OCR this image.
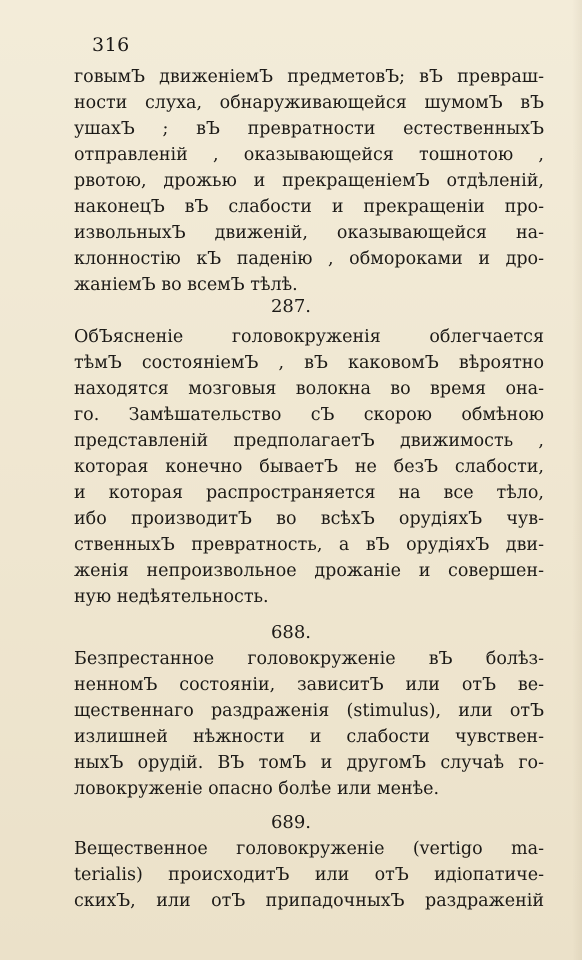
316
говымЪ движенiемЪ предметовЪ; вЪ превраш-
ности слуха, обнаруживающейся шумомЪ вЪ
ушахЪ ; вЪ превратности естественныхЪ
отправленiй , оказывающейся тошнотою ,
рвотою, дрожью и прекращенiемЪ отдѣленiй,
наконецЪ вЪ слабости и прекращенiи про-
извольныхЪ движенiй, оказывающейся на-
клонностiю кЪ паденiю , обмороками и дро-
жанiемЪ во всемЪ тѣлѣ.
287.
ОбЪясненiе головокруженiя облегчается
тѣмЪ состоянiемЪ , вЪ каковомЪ вѣроятно
находятся мозговыя волокна во время она-
го. Замѣшательство сЪ скорою обмѣною
представленiй предполагаетЪ движимость ,
которая конечно бываетЪ не безЪ слабости,
и которая распространяется на все тѣло,
ибо производитЪ во всѣхЪ орудiяхЪ чув-
ственныхЪ превратность, а вЪ орудiяхЪ дви-
женiя непроизвольное дрожанiе и совершен-
ную недѣятельность.
688.
Безпрестанное головокруженiе вЪ болѣз-
ненномЪ состоянiи, зависитЪ или отЪ ве-
щественнаго раздраженiя (stimulus), или отЪ
излишней нѣжности и слабости чувствен-
ныхЪ орудiй. ВЪ томЪ и другомЪ случаѣ го-
ловокруженiе опасно болѣе или менѣе.
689.
Вещественное головокруженiе (vertigo ma-
terialis) происходитЪ или отЪ идiопатиче-
скихЪ, или отЪ припадочныхЪ раздраженiй
